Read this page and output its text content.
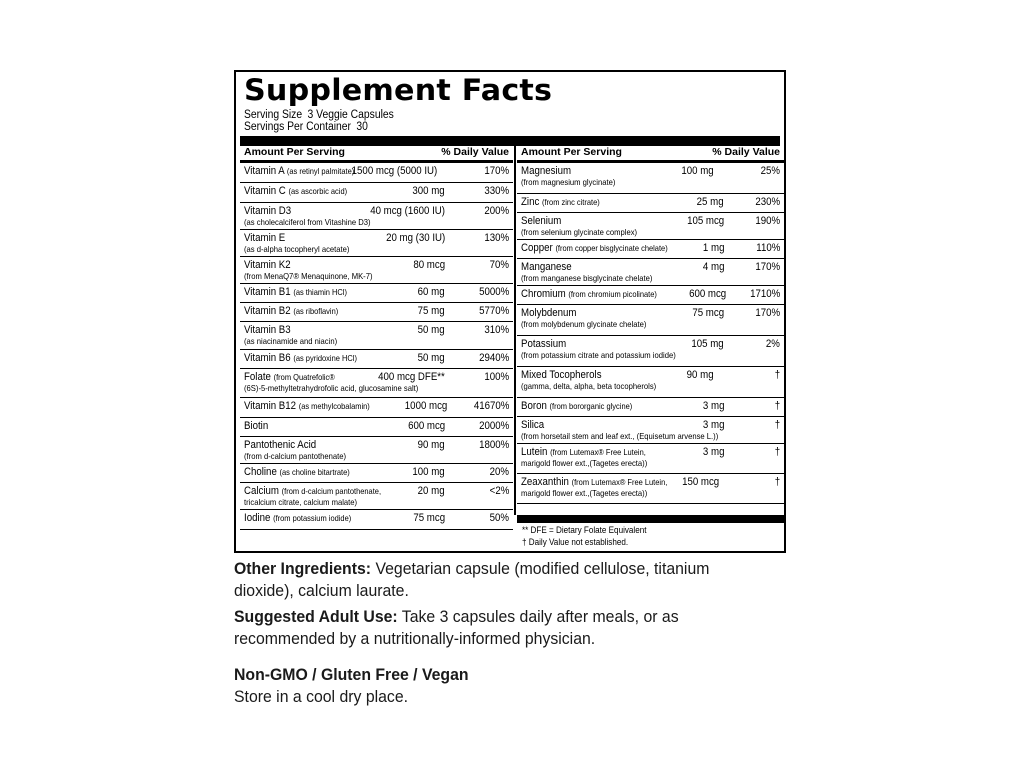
Supplement Facts
Serving Size 3 Veggie Capsules
Servings Per Container 30
Amount Per Serving	% Daily Value
Vitamin A (as retinyl palmitate)
1500 mcg (5000 IU)	170%
Vitamin C (as ascorbic acid)	300 mg	330%
Vitamin D3
(as cholecalciferol from Vitashine D3)
40 mcg (1600 IU)	200%
Vitamin E
(as d-alpha tocopheryl acetate)
20 mg (30 IU)	130%
Vitamin K2
(from MenaQ7® Menaquinone, MK-7)
80 mcg	70%
Vitamin B1 (as thiamin HCl)	60 mg	5000%
Vitamin B2 (as riboflavin)	75 mg	5770%
Vitamin B3
(as niacinamide and niacin)
50 mg	310%
Vitamin B6 (as pyridoxine HCl)	50 mg	2940%
Folate (from Quatrefolic®
(6S)-5-methyltetrahydrofolic acid, glucosamine salt)
400 mcg DFE**	100%
Vitamin B12 (as methylcobalamin)	1000 mcg 41670%
Biotin	600 mcg	2000%
Pantothenic Acid
(from d-calcium pantothenate)
90 mg	1800%
Choline (as choline bitartrate)	100 mg	20%
Calcium (from d-calcium pantothenate,
tricalcium citrate, calcium malate)
20 mg	<2%
Iodine (from potassium iodide)	75 mcg	50%
Amount Per Serving	% Daily Value
Magnesium
(from magnesium glycinate)
100 mg	25%
Zinc (from zinc citrate)	25 mg	230%
Selenium
(from selenium glycinate complex)
105 mcg	190%
Copper (from copper bisglycinate chelate)	1 mg	110%
Manganese
(from manganese bisglycinate chelate)
4 mg	170%
Chromium (from chromium picolinate)	600 mcg 1710%
Molybdenum
(from molybdenum glycinate chelate)
75 mcg	170%
Potassium
(from potassium citrate and potassium iodide)
105 mg	2%
Mixed Tocopherols
(gamma, delta, alpha, beta tocopherols)
90 mg	†
Boron (from bororganic glycine)	3 mg	†
Silica
(from horsetail stem and leaf ext., (Equisetum arvense L.))
3 mg	†
Lutein (from Lutemax® Free Lutein,
marigold flower ext.,(Tagetes erecta))
3 mg	†
Zeaxanthin (from Lutemax® Free Lutein,
marigold flower ext.,(Tagetes erecta))
150 mcg	†
** DFE = Dietary Folate Equivalent
† Daily Value not established.
Other Ingredients: Vegetarian capsule (modified cellulose, titanium dioxide), calcium laurate.
Suggested Adult Use: Take 3 capsules daily after meals, or as recommended by a nutritionally-informed physician.
Non-GMO / Gluten Free / Vegan
Store in a cool dry place.
